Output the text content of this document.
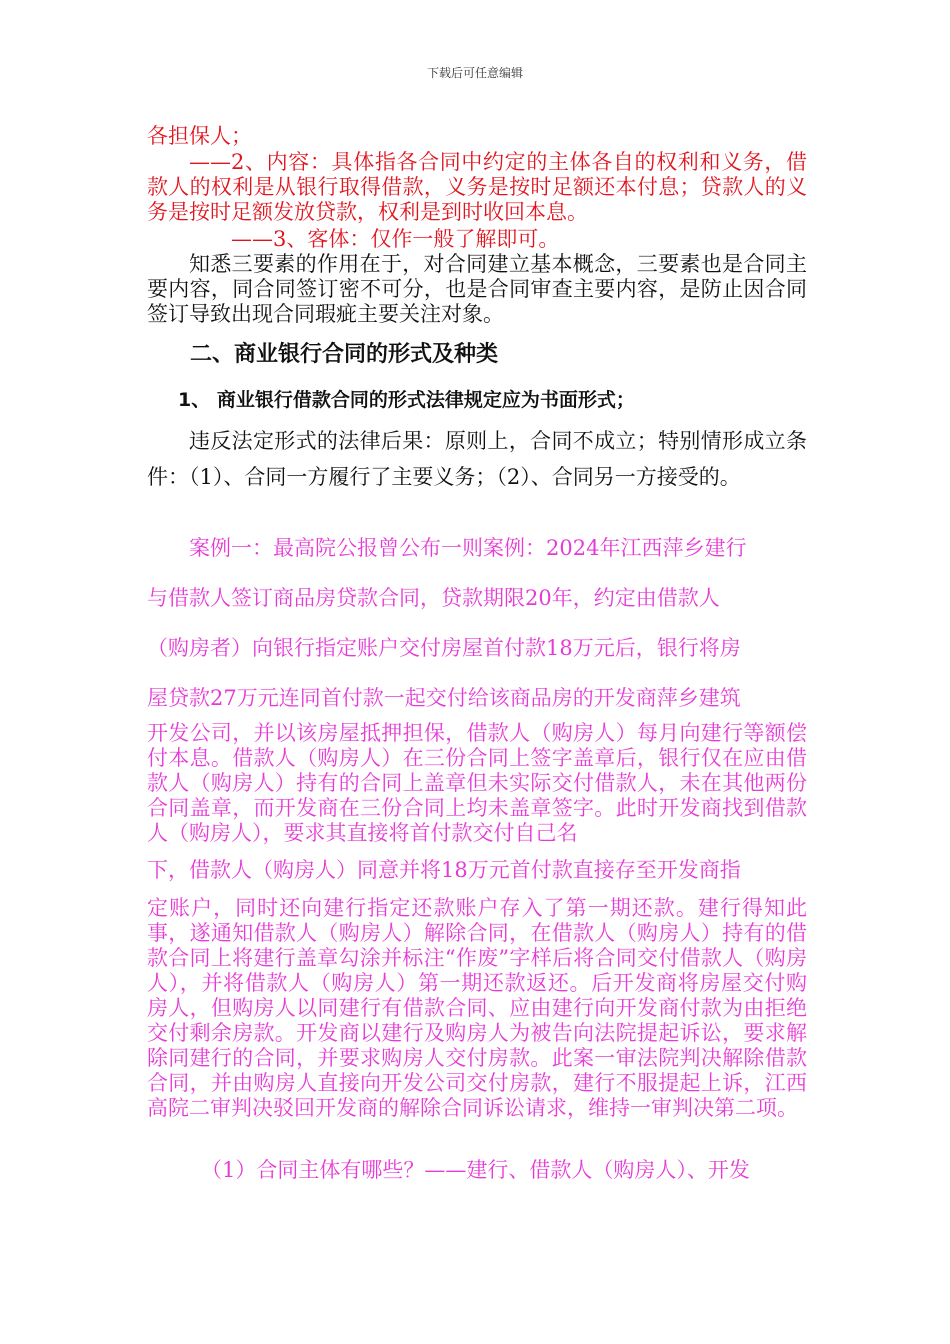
下载后可任意编辑

各担保人；

——2、内容：具体指各合同中约定的主体各自的权利和义务，借款人的权利是从银行取得借款，义务是按时足额还本付息；贷款人的义务是按时足额发放贷款，权利是到时收回本息。

——3、客体：仅作一般了解即可。

知悉三要素的作用在于，对合同建立基本概念，三要素也是合同主要内容，同合同签订密不可分，也是合同审查主要内容，是防止因合同签订导致出现合同瑕疵主要关注对象。

二、商业银行合同的形式及种类
1、 商业银行借款合同的形式法律规定应为书面形式；

违反法定形式的法律后果：原则上，合同不成立；特别情形成立条件：（1）、合同一方履行了主要义务；（2）、合同另一方接受的。

案例一：最高院公报曾公布一则案例：2024年江西萍乡建行

与借款人签订商品房贷款合同，贷款期限20年，约定由借款人

（购房者）向银行指定账户交付房屋首付款18万元后，银行将房

屋贷款27万元连同首付款一起交付给该商品房的开发商萍乡建筑

开发公司，并以该房屋抵押担保，借款人（购房人）每月向建行等额偿付本息。借款人（购房人）在三份合同上签字盖章后，银行仅在应由借款人（购房人）持有的合同上盖章但未实际交付借款人，未在其他两份合同盖章，而开发商在三份合同上均未盖章签字。此时开发商找到借款人（购房人），要求其直接将首付款交付自己名

下，借款人（购房人）同意并将18万元首付款直接存至开发商指

定账户，同时还向建行指定还款账户存入了第一期还款。建行得知此事，遂通知借款人（购房人）解除合同，在借款人（购房人）持有的借款合同上将建行盖章勾涂并标注“作废”字样后将合同交付借款人（购房人），并将借款人（购房人）第一期还款返还。后开发商将房屋交付购房人，但购房人以同建行有借款合同、应由建行向开发商付款为由拒绝交付剩余房款。开发商以建行及购房人为被告向法院提起诉讼，要求解除同建行的合同，并要求购房人交付房款。此案一审法院判决解除借款合同，并由购房人直接向开发公司交付房款，建行不服提起上诉，江西高院二审判决驳回开发商的解除合同诉讼请求，维持一审判决第二项。

（1）合同主体有哪些？——建行、借款人（购房人）、开发
